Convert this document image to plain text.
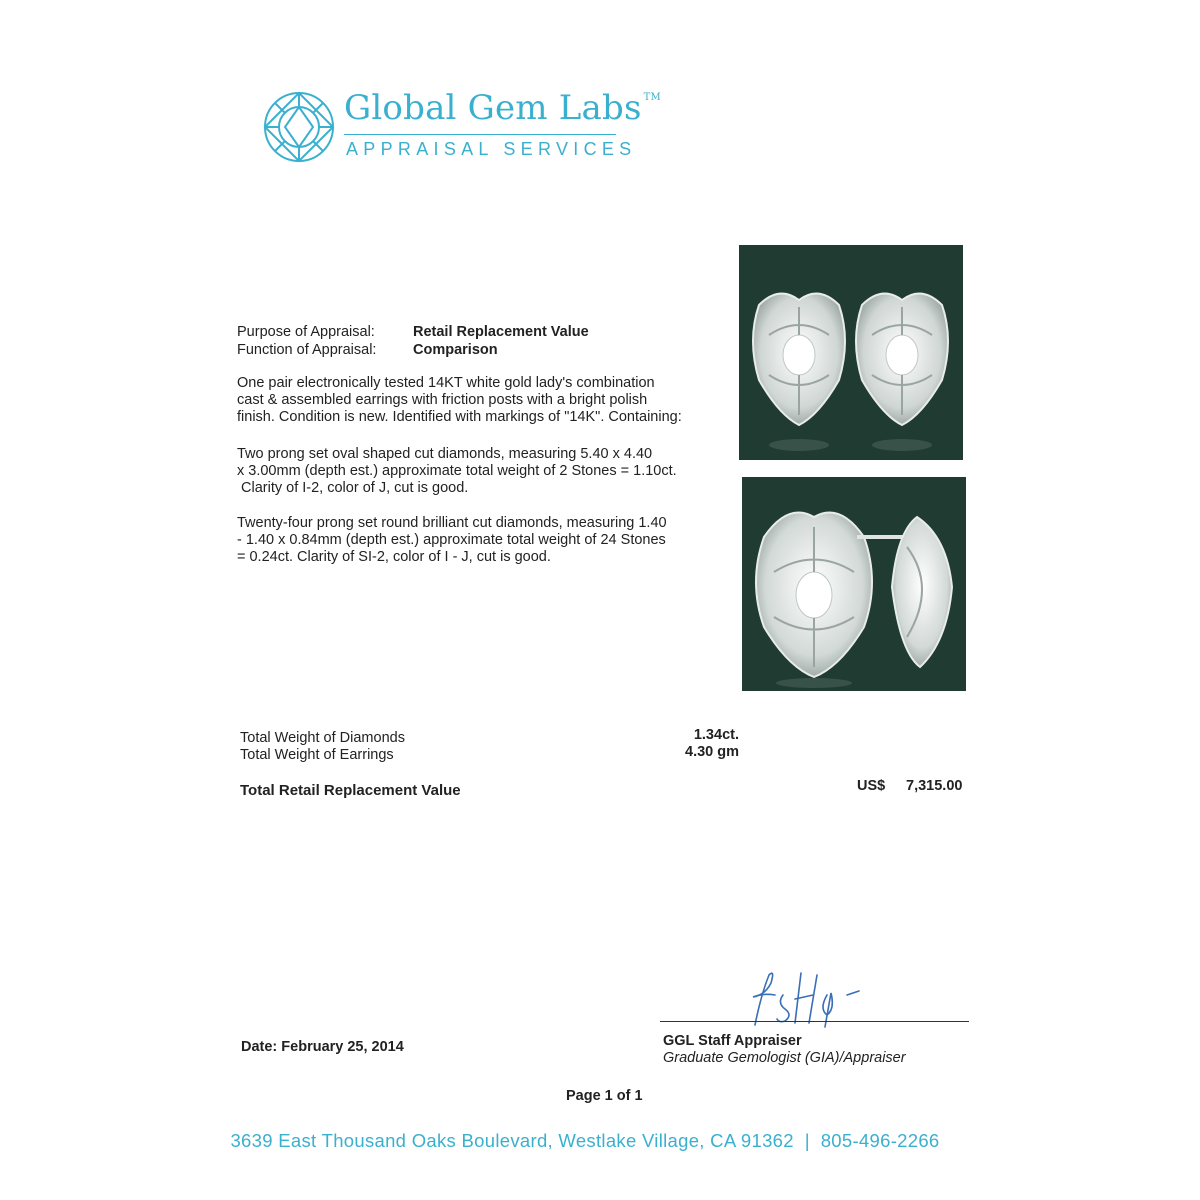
Global Gem Labs ™
APPRAISAL SERVICES
Purpose of Appraisal:	Retail Replacement Value
Function of Appraisal:	Comparison
One pair electronically tested 14KT white gold lady's combination
cast & assembled earrings with friction posts with a bright polish
finish. Condition is new. Identified with markings of "14K". Containing:
Two prong set oval shaped cut diamonds, measuring 5.40 x 4.40
x 3.00mm (depth est.) approximate total weight of 2 Stones = 1.10ct.
Clarity of I-2, color of J, cut is good.
Twenty-four prong set round brilliant cut diamonds, measuring 1.40
- 1.40 x 0.84mm (depth est.) approximate total weight of 24 Stones
= 0.24ct. Clarity of SI-2, color of I - J, cut is good.
Total Weight of Diamonds	1.34ct.
Total Weight of Earrings	4.30 gm
Total Retail Replacement Value	US$ 7,315.00
Date: February 25, 2014	GGL Staff Appraiser
Graduate Gemologist (GIA)/Appraiser
Page 1 of 1
3639 East Thousand Oaks Boulevard, Westlake Village, CA 91362  |  805-496-2266
